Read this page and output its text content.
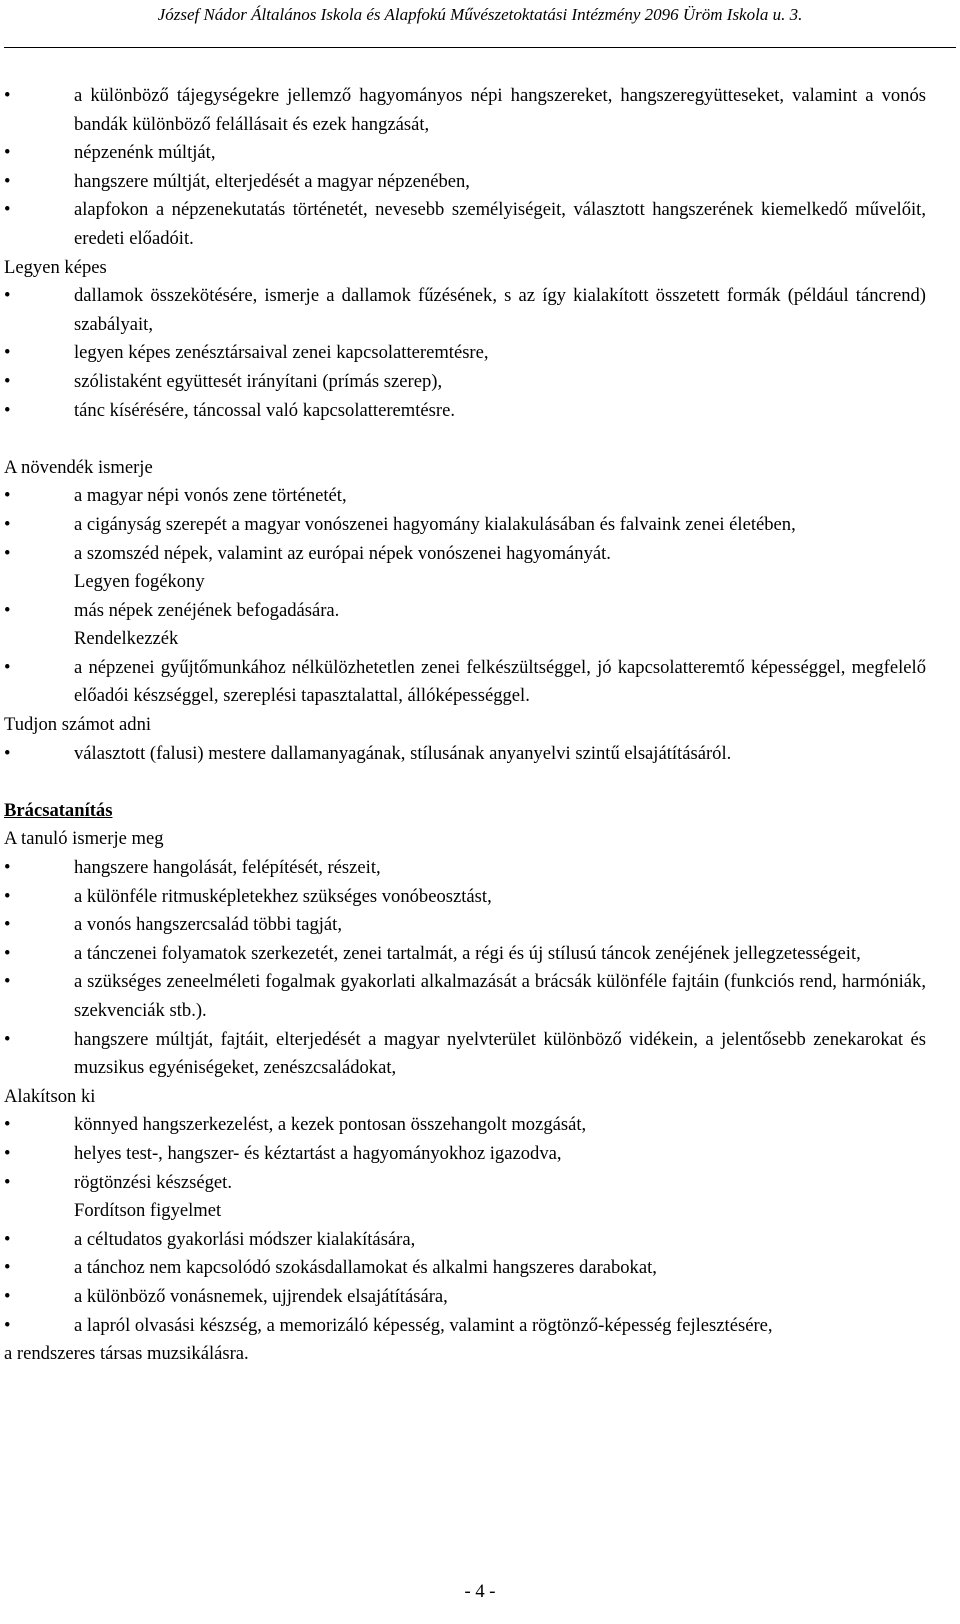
József Nádor Általános Iskola és Alapfokú Művészetoktatási Intézmény 2096 Üröm Iskola u. 3.
•	a különböző tájegységekre jellemző hagyományos népi hangszereket, hangszeregyütteseket, valamint a vonós bandák különböző felállásait és ezek hangzását,
•	népzenénk múltját,
•	hangszere múltját, elterjedését a magyar népzenében,
•	alapfokon a népzenekutatás történetét, nevesebb személyiségeit, választott hangszerének kiemelkedő művelőit, eredeti előadóit.
Legyen képes
•	dallamok összekötésére, ismerje a dallamok fűzésének, s az így kialakított összetett formák (például táncrend) szabályait,
•	legyen képes zenésztársaival zenei kapcsolatteremtésre,
•	szólistaként együttesét irányítani (prímás szerep),
•	tánc kísérésére, táncossal való kapcsolatteremtésre.
A növendék ismerje
•	a magyar népi vonós zene történetét,
•	a cigányság szerepét a magyar vonószenei hagyomány kialakulásában és falvaink zenei életében,
•	a szomszéd népek, valamint az európai népek vonószenei hagyományát.
Legyen fogékony
•	más népek zenéjének befogadására.
Rendelkezzék
•	a népzenei gyűjtőmunkához nélkülözhetetlen zenei felkészültséggel, jó kapcsolatteremtő képességgel, megfelelő előadói készséggel, szereplési tapasztalattal, állóképességgel.
Tudjon számot adni
•	választott (falusi) mestere dallamanyagának, stílusának anyanyelvi szintű elsajátításáról.
Brácsatanítás
A tanuló ismerje meg
•	hangszere hangolását, felépítését, részeit,
•	a különféle ritmusképletekhez szükséges vonóbeosztást,
•	a vonós hangszercsalád többi tagját,
•	a tánczenei folyamatok szerkezetét, zenei tartalmát, a régi és új stílusú táncok zenéjének jellegzetességeit,
•	a szükséges zeneelméleti fogalmak gyakorlati alkalmazását a brácsák különféle fajtáin (funkciós rend, harmóniák, szekvenciák stb.).
•	hangszere múltját, fajtáit, elterjedését a magyar nyelvterület különböző vidékein, a jelentősebb zenekarokat és muzsikus egyéniségeket, zenészcsaládokat,
Alakítson ki
•	könnyed hangszerkezelést, a kezek pontosan összehangolt mozgását,
•	helyes test-, hangszer- és kéztartást a hagyományokhoz igazodva,
•	rögtönzési készséget.
Fordítson figyelmet
•	a céltudatos gyakorlási módszer kialakítására,
•	a tánchoz nem kapcsolódó szokásdallamokat és alkalmi hangszeres darabokat,
•	a különböző vonásnemek, ujjrendek elsajátítására,
•	a lapról olvasási készség, a memorizáló képesség, valamint a rögtönző-képesség fejlesztésére,
a rendszeres társas muzsikálásra.
- 4 -
